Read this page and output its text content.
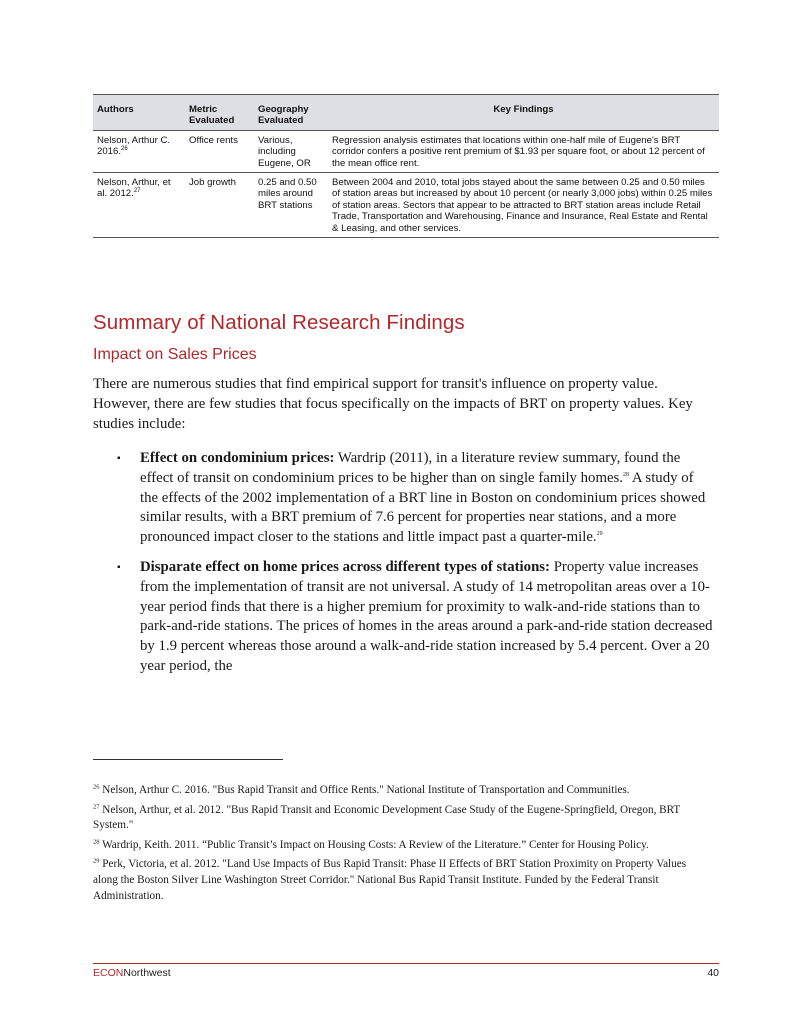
Authors	Metric Evaluated	Geography Evaluated	Key Findings
Nelson, Arthur C. 2016.26	Office rents	Various, including Eugene, OR	Regression analysis estimates that locations within one-half mile of Eugene's BRT corridor confers a positive rent premium of $1.93 per square foot, or about 12 percent of the mean office rent.
Nelson, Arthur, et al. 2012.27	Job growth	0.25 and 0.50 miles around BRT stations	Between 2004 and 2010, total jobs stayed about the same between 0.25 and 0.50 miles of station areas but increased by about 10 percent (or nearly 3,000 jobs) within 0.25 miles of station areas. Sectors that appear to be attracted to BRT station areas include Retail Trade, Transportation and Warehousing, Finance and Insurance, Real Estate and Rental & Leasing, and other services.
Summary of National Research Findings
Impact on Sales Prices

There are numerous studies that find empirical support for transit's influence on property value. However, there are few studies that focus specifically on the impacts of BRT on property values. Key studies include:

▪ Effect on condominium prices: Wardrip (2011), in a literature review summary, found the effect of transit on condominium prices to be higher than on single family homes.$^{28}$ A study of the effects of the 2002 implementation of a BRT line in Boston on condominium prices showed similar results, with a BRT premium of 7.6 percent for properties near stations, and a more pronounced impact closer to the stations and little impact past a quarter-mile.$^{29}$
▪ Disparate effect on home prices across different types of stations: Property value increases from the implementation of transit are not universal. A study of 14 metropolitan areas over a 10-year period finds that there is a higher premium for proximity to walk-and-ride stations than to park-and-ride stations. The prices of homes in the areas around a park-and-ride station decreased by 1.9 percent whereas those around a walk-and-ride station increased by 5.4 percent. Over a 20 year period, the

$^{26}$ Nelson, Arthur C. 2016. "Bus Rapid Transit and Office Rents." National Institute of Transportation and Communities.

$^{27}$ Nelson, Arthur, et al. 2012. "Bus Rapid Transit and Economic Development Case Study of the Eugene-Springfield, Oregon, BRT System."

$^{28}$ Wardrip, Keith. 2011. “Public Transit’s Impact on Housing Costs: A Review of the Literature.” Center for Housing Policy.

$^{29}$ Perk, Victoria, et al. 2012. "Land Use Impacts of Bus Rapid Transit: Phase II Effects of BRT Station Proximity on Property Values along the Boston Silver Line Washington Street Corridor." National Bus Rapid Transit Institute. Funded by the Federal Transit Administration.

ECONNorthwest	40
